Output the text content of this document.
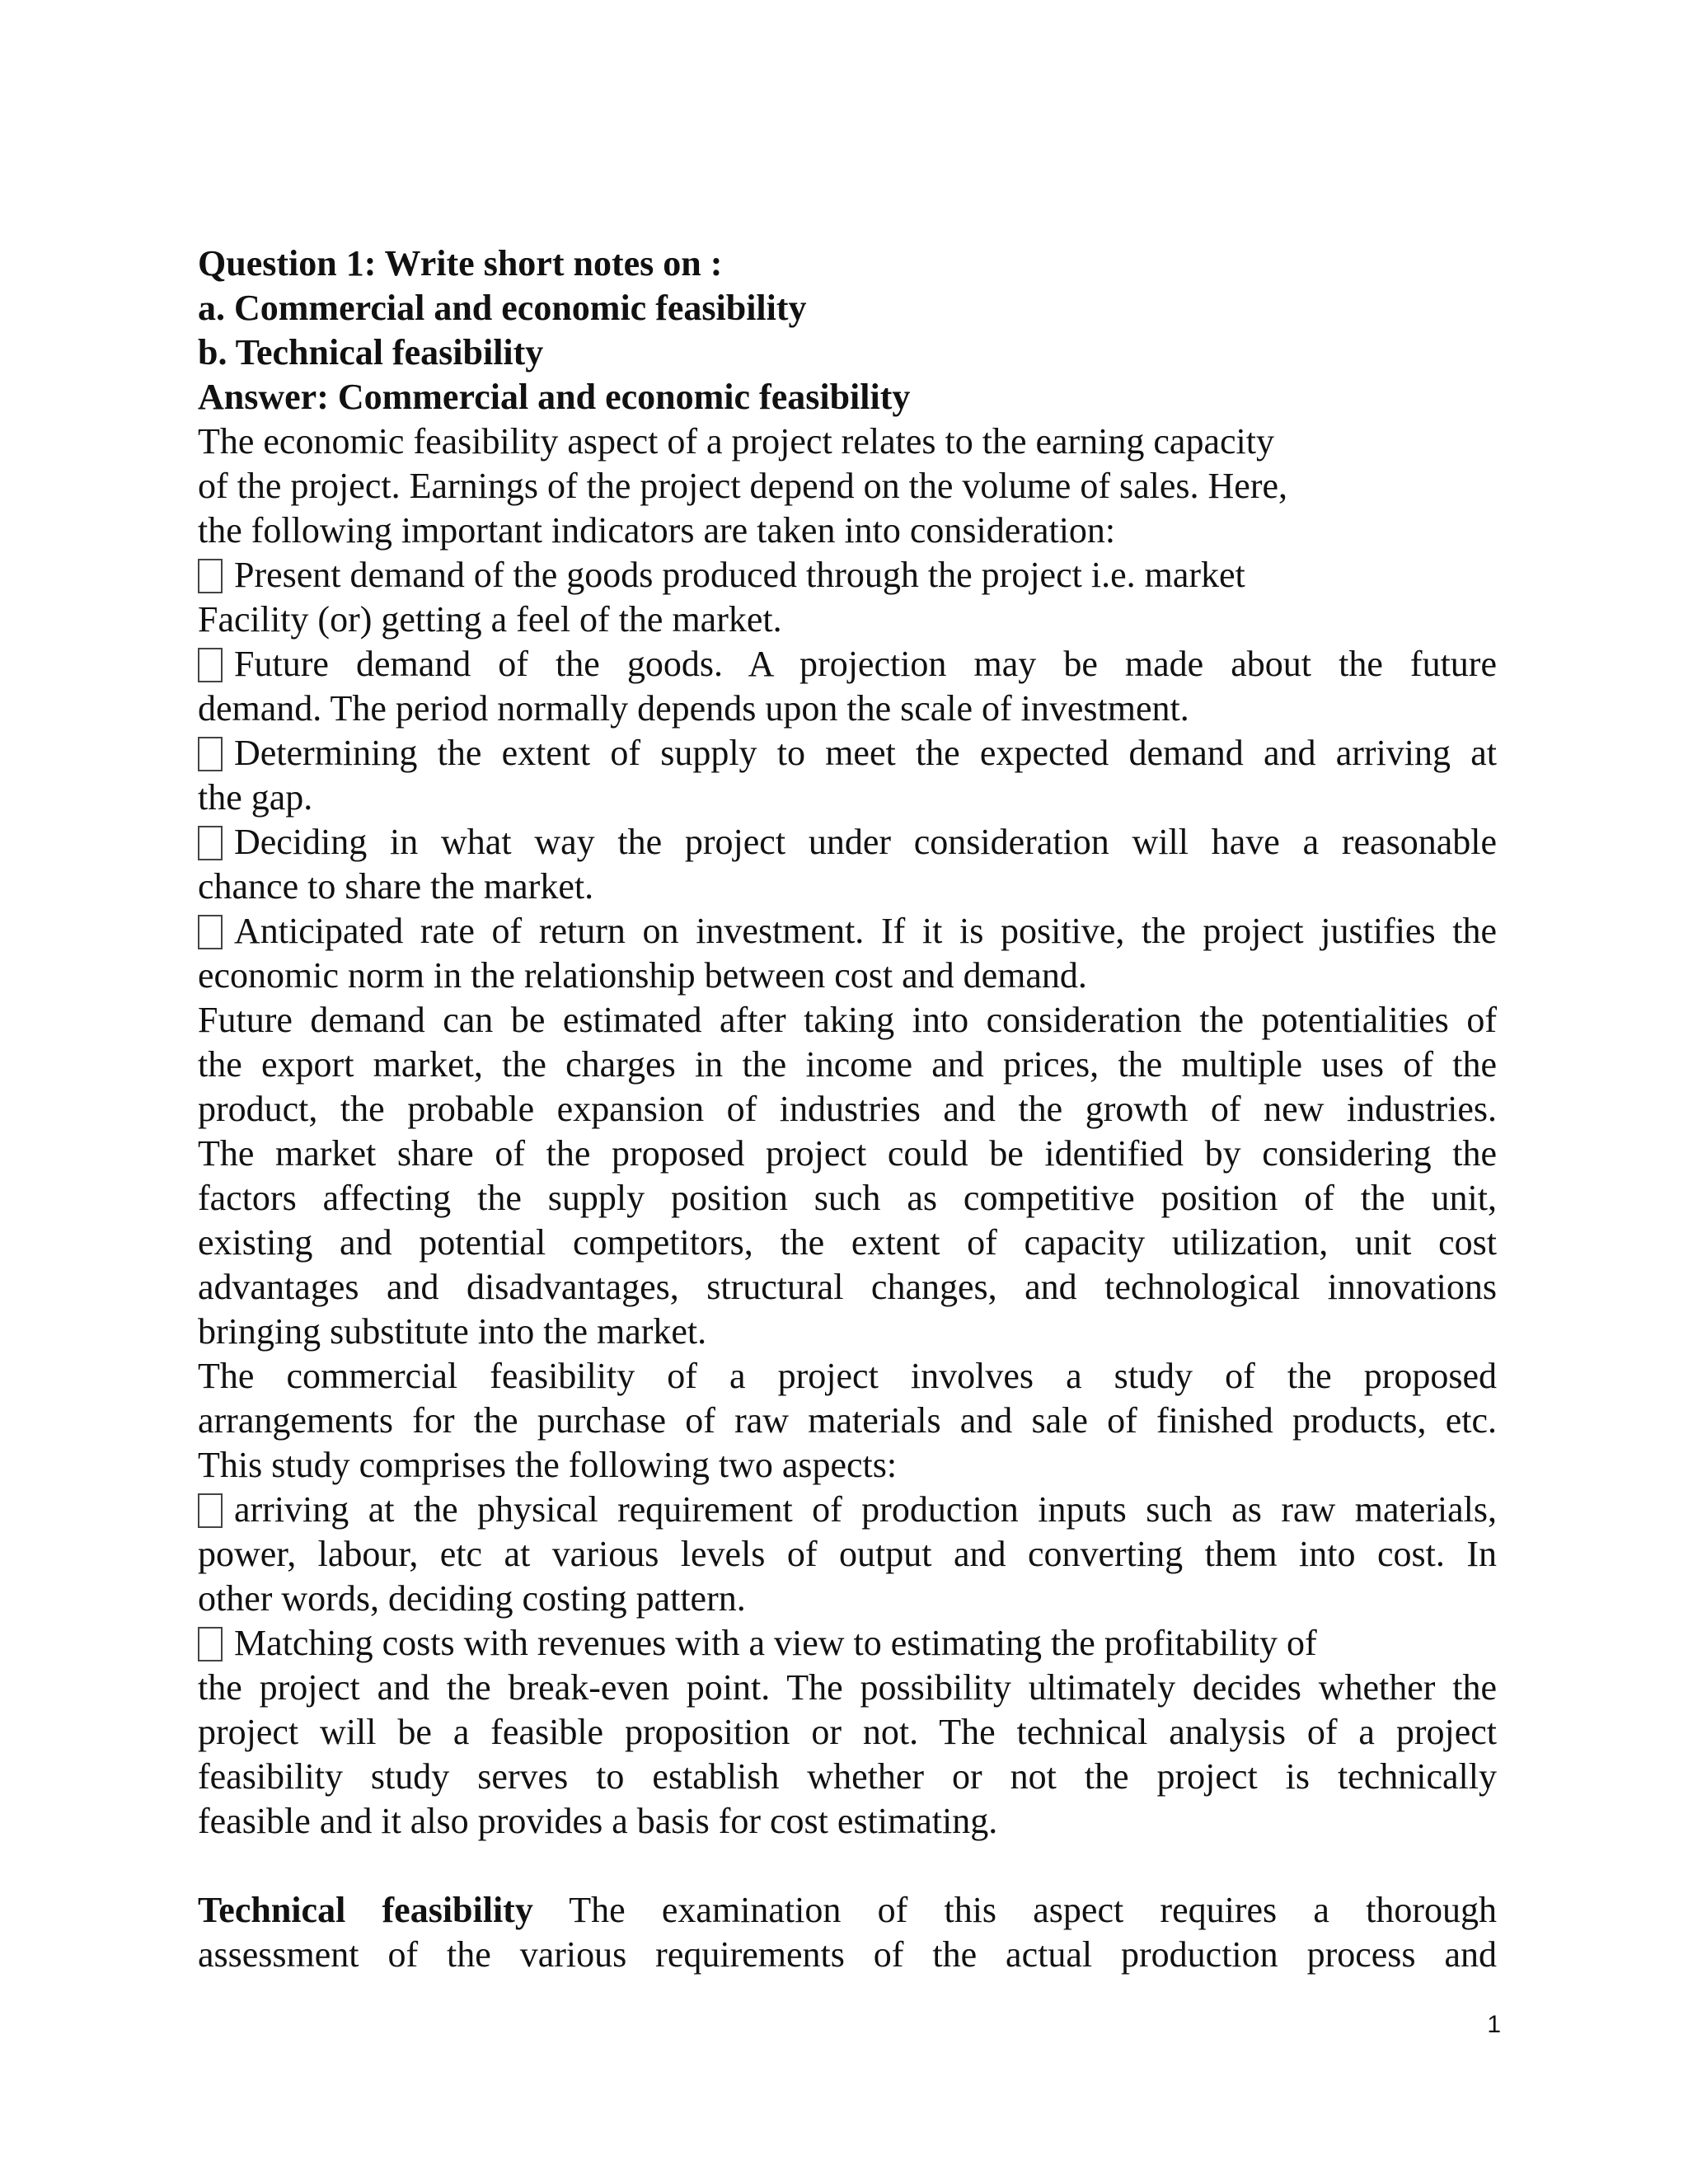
Question 1: Write short notes on :
a. Commercial and economic feasibility
b. Technical feasibility
Answer: Commercial and economic feasibility
The economic feasibility aspect of a project relates to the earning capacity
of the project. Earnings of the project depend on the volume of sales. Here,
the following important indicators are taken into consideration:
Present demand of the goods produced through the project i.e. market
Facility (or) getting a feel of the market.
Future demand of the goods. A projection may be made about the future
demand. The period normally depends upon the scale of investment.
Determining the extent of supply to meet the expected demand and arriving at
the gap.
Deciding in what way the project under consideration will have a reasonable
chance to share the market.
Anticipated rate of return on investment. If it is positive, the project justifies the
economic norm in the relationship between cost and demand.
Future demand can be estimated after taking into consideration the potentialities of
the export market, the charges in the income and prices, the multiple uses of the
product, the probable expansion of industries and the growth of new industries.
The market share of the proposed project could be identified by considering the
factors affecting the supply position such as competitive position of the unit,
existing and potential competitors, the extent of capacity utilization, unit cost
advantages and disadvantages, structural changes, and technological innovations
bringing substitute into the market.
The commercial feasibility of a project involves a study of the proposed
arrangements for the purchase of raw materials and sale of finished products, etc.
This study comprises the following two aspects:
arriving at the physical requirement of production inputs such as raw materials,
power, labour, etc at various levels of output and converting them into cost. In
other words, deciding costing pattern.
Matching costs with revenues with a view to estimating the profitability of
the project and the break-even point. The possibility ultimately decides whether the
project will be a feasible proposition or not. The technical analysis of a project
feasibility study serves to establish whether or not the project is technically
feasible and it also provides a basis for cost estimating.
Technical feasibility The examination of this aspect requires a thorough
assessment of the various requirements of the actual production process and
1
